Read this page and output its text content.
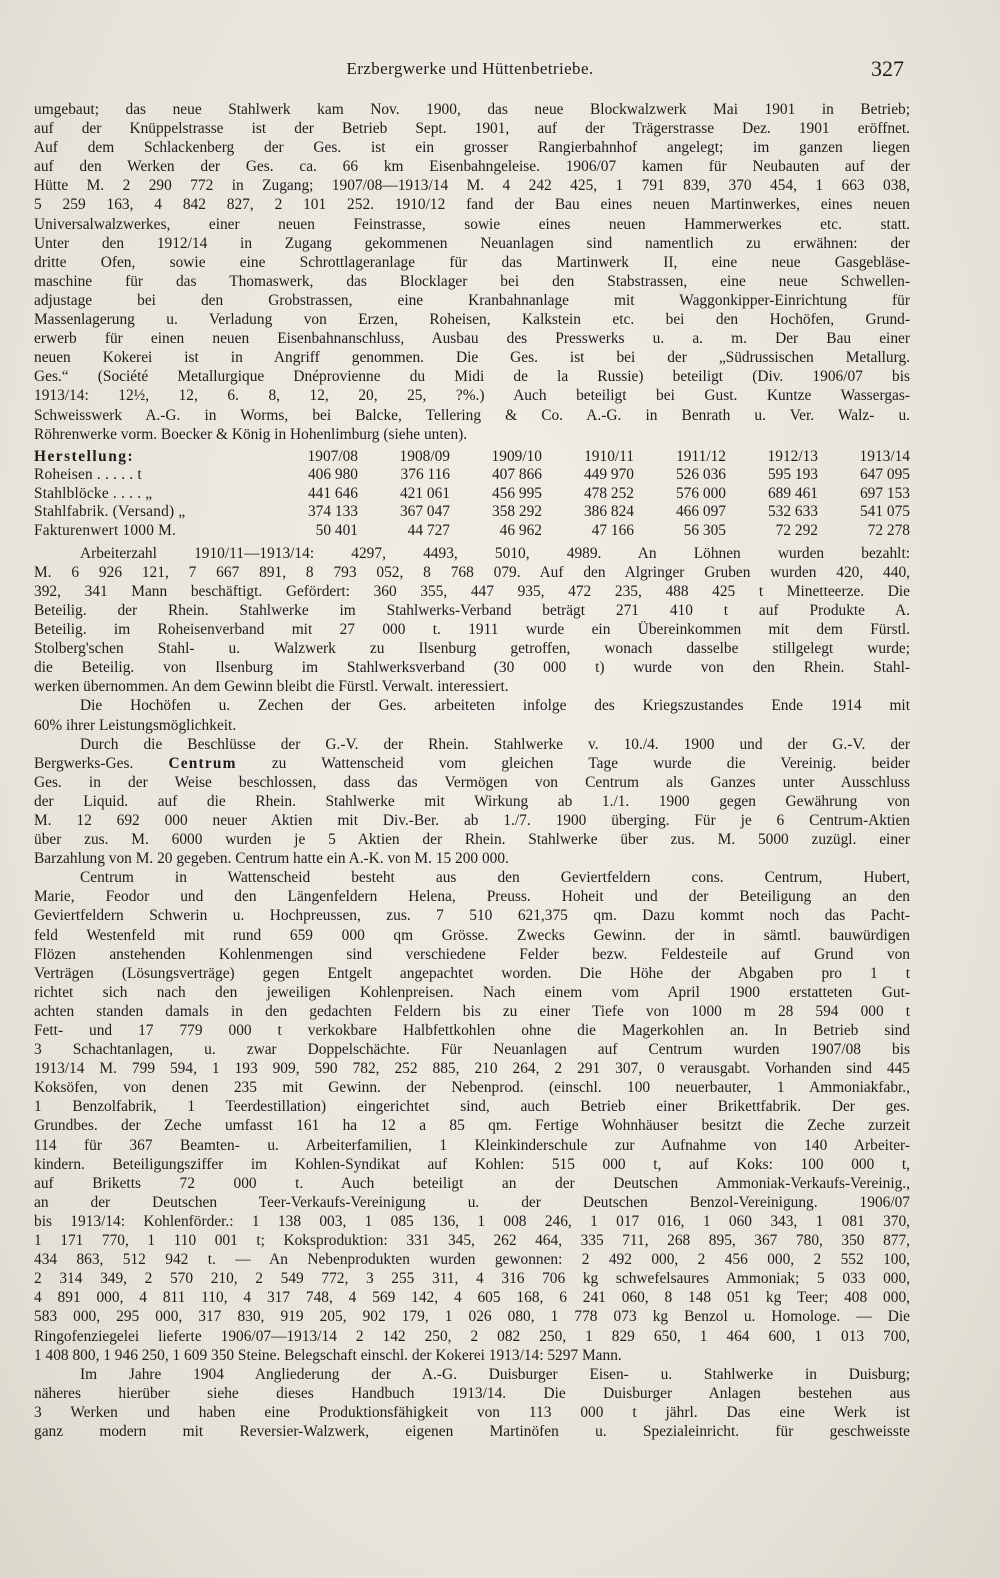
Erzbergwerke und Hüttenbetriebe.	327
umgebaut; das neue Stahlwerk kam Nov. 1900, das neue Blockwalzwerk Mai 1901 in Betrieb;
auf der Knüppelstrasse ist der Betrieb Sept. 1901, auf der Trägerstrasse Dez. 1901 eröffnet.
Auf dem Schlackenberg der Ges. ist ein grosser Rangierbahnhof angelegt; im ganzen liegen
auf den Werken der Ges. ca. 66 km Eisenbahngeleise. 1906/07 kamen für Neubauten auf der
Hütte M. 2 290 772 in Zugang; 1907/08—1913/14 M. 4 242 425, 1 791 839, 370 454, 1 663 038,
5 259 163, 4 842 827, 2 101 252. 1910/12 fand der Bau eines neuen Martinwerkes, eines neuen
Universalwalzwerkes, einer neuen Feinstrasse, sowie eines neuen Hammerwerkes etc. statt.
Unter den 1912/14 in Zugang gekommenen Neuanlagen sind namentlich zu erwähnen: der
dritte Ofen, sowie eine Schrottlageranlage für das Martinwerk II, eine neue Gasgebläse-
maschine für das Thomaswerk, das Blocklager bei den Stabstrassen, eine neue Schwellen-
adjustage bei den Grobstrassen, eine Kranbahnanlage mit Waggonkipper-Einrichtung für
Massenlagerung u. Verladung von Erzen, Roheisen, Kalkstein etc. bei den Hochöfen, Grund-
erwerb für einen neuen Eisenbahnanschluss, Ausbau des Presswerks u. a. m. Der Bau einer
neuen Kokerei ist in Angriff genommen. Die Ges. ist bei der „Südrussischen Metallurg.
Ges.“ (Société Metallurgique Dnéprovienne du Midi de la Russie) beteiligt (Div. 1906/07 bis
1913/14: 12½, 12, 6. 8, 12, 20, 25, ?%.) Auch beteiligt bei Gust. Kuntze Wassergas-
Schweisswerk A.-G. in Worms, bei Balcke, Tellering & Co. A.-G. in Benrath u. Ver. Walz- u.
Röhrenwerke vorm. Boecker & König in Hohenlimburg (siehe unten).
Herstellung:	1907/08	1908/09	1909/10	1910/11	1911/12	1912/13	1913/14
Roheisen . . . . . t	406 980	376 116	407 866	449 970	526 036	595 193	647 095
Stahlblöcke . . . . „	441 646	421 061	456 995	478 252	576 000	689 461	697 153
Stahlfabrik. (Versand) „	374 133	367 047	358 292	386 824	466 097	532 633	541 075
Fakturenwert 1000 M.	50 401	44 727	46 962	47 166	56 305	72 292	72 278
Arbeiterzahl 1910/11—1913/14: 4297, 4493, 5010, 4989. An Löhnen wurden bezahlt:
M. 6 926 121, 7 667 891, 8 793 052, 8 768 079. Auf den Algringer Gruben wurden 420, 440,
392, 341 Mann beschäftigt. Gefördert: 360 355, 447 935, 472 235, 488 425 t Minetteerze. Die
Beteilig. der Rhein. Stahlwerke im Stahlwerks-Verband beträgt 271 410 t auf Produkte A.
Beteilig. im Roheisenverband mit 27 000 t. 1911 wurde ein Übereinkommen mit dem Fürstl.
Stolberg'schen Stahl- u. Walzwerk zu Ilsenburg getroffen, wonach dasselbe stillgelegt wurde;
die Beteilig. von Ilsenburg im Stahlwerksverband (30 000 t) wurde von den Rhein. Stahl-
werken übernommen. An dem Gewinn bleibt die Fürstl. Verwalt. interessiert.
Die Hochöfen u. Zechen der Ges. arbeiteten infolge des Kriegszustandes Ende 1914 mit
60% ihrer Leistungsmöglichkeit.
Durch die Beschlüsse der G.-V. der Rhein. Stahlwerke v. 10./4. 1900 und der G.-V. der
Bergwerks-Ges. Centrum zu Wattenscheid vom gleichen Tage wurde die Vereinig. beider
Ges. in der Weise beschlossen, dass das Vermögen von Centrum als Ganzes unter Ausschluss
der Liquid. auf die Rhein. Stahlwerke mit Wirkung ab 1./1. 1900 gegen Gewährung von
M. 12 692 000 neuer Aktien mit Div.-Ber. ab 1./7. 1900 überging. Für je 6 Centrum-Aktien
über zus. M. 6000 wurden je 5 Aktien der Rhein. Stahlwerke über zus. M. 5000 zuzügl. einer
Barzahlung von M. 20 gegeben. Centrum hatte ein A.-K. von M. 15 200 000.
Centrum in Wattenscheid besteht aus den Geviertfeldern cons. Centrum, Hubert,
Marie, Feodor und den Längenfeldern Helena, Preuss. Hoheit und der Beteiligung an den
Geviertfeldern Schwerin u. Hochpreussen, zus. 7 510 621,375 qm. Dazu kommt noch das Pacht-
feld Westenfeld mit rund 659 000 qm Grösse. Zwecks Gewinn. der in sämtl. bauwürdigen
Flözen anstehenden Kohlenmengen sind verschiedene Felder bezw. Feldesteile auf Grund von
Verträgen (Lösungsverträge) gegen Entgelt angepachtet worden. Die Höhe der Abgaben pro 1 t
richtet sich nach den jeweiligen Kohlenpreisen. Nach einem vom April 1900 erstatteten Gut-
achten standen damals in den gedachten Feldern bis zu einer Tiefe von 1000 m 28 594 000 t
Fett- und 17 779 000 t verkokbare Halbfettkohlen ohne die Magerkohlen an. In Betrieb sind
3 Schachtanlagen, u. zwar Doppelschächte. Für Neuanlagen auf Centrum wurden 1907/08 bis
1913/14 M. 799 594, 1 193 909, 590 782, 252 885, 210 264, 2 291 307, 0 verausgabt. Vorhanden sind 445
Koksöfen, von denen 235 mit Gewinn. der Nebenprod. (einschl. 100 neuerbauter, 1 Ammoniakfabr.,
1 Benzolfabrik, 1 Teerdestillation) eingerichtet sind, auch Betrieb einer Brikettfabrik. Der ges.
Grundbes. der Zeche umfasst 161 ha 12 a 85 qm. Fertige Wohnhäuser besitzt die Zeche zurzeit
114 für 367 Beamten- u. Arbeiterfamilien, 1 Kleinkinderschule zur Aufnahme von 140 Arbeiter-
kindern. Beteiligungsziffer im Kohlen-Syndikat auf Kohlen: 515 000 t, auf Koks: 100 000 t,
auf Briketts 72 000 t. Auch beteiligt an der Deutschen Ammoniak-Verkaufs-Vereinig.,
an der Deutschen Teer-Verkaufs-Vereinigung u. der Deutschen Benzol-Vereinigung. 1906/07
bis 1913/14: Kohlenförder.: 1 138 003, 1 085 136, 1 008 246, 1 017 016, 1 060 343, 1 081 370,
1 171 770, 1 110 001 t; Koksproduktion: 331 345, 262 464, 335 711, 268 895, 367 780, 350 877,
434 863, 512 942 t. — An Nebenprodukten wurden gewonnen: 2 492 000, 2 456 000, 2 552 100,
2 314 349, 2 570 210, 2 549 772, 3 255 311, 4 316 706 kg schwefelsaures Ammoniak; 5 033 000,
4 891 000, 4 811 110, 4 317 748, 4 569 142, 4 605 168, 6 241 060, 8 148 051 kg Teer; 408 000,
583 000, 295 000, 317 830, 919 205, 902 179, 1 026 080, 1 778 073 kg Benzol u. Homologe. — Die
Ringofenziegelei lieferte 1906/07—1913/14 2 142 250, 2 082 250, 1 829 650, 1 464 600, 1 013 700,
1 408 800, 1 946 250, 1 609 350 Steine. Belegschaft einschl. der Kokerei 1913/14: 5297 Mann.
Im Jahre 1904 Angliederung der A.-G. Duisburger Eisen- u. Stahlwerke in Duisburg;
näheres hierüber siehe dieses Handbuch 1913/14. Die Duisburger Anlagen bestehen aus
3 Werken und haben eine Produktionsfähigkeit von 113 000 t jährl. Das eine Werk ist
ganz modern mit Reversier-Walzwerk, eigenen Martinöfen u. Spezialeinricht. für geschweisste
